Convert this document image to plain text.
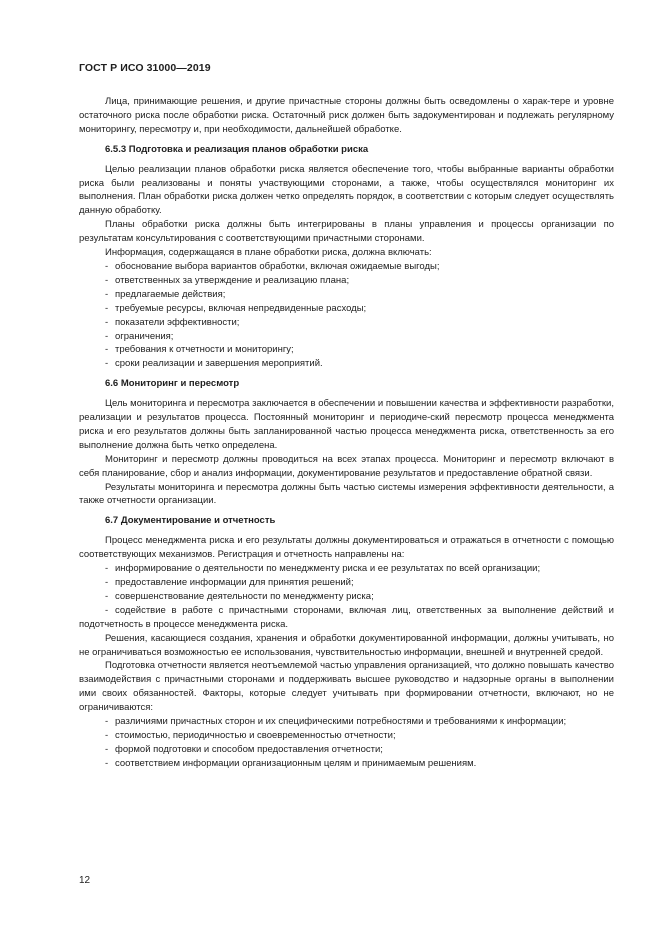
ГОСТ Р ИСО 31000—2019

Лица, принимающие решения, и другие причастные стороны должны быть осведомлены о харак-тере и уровне остаточного риска после обработки риска. Остаточный риск должен быть задокументирован и подлежать регулярному мониторингу, пересмотру и, при необходимости, дальнейшей обработке.

6.5.3 Подготовка и реализация планов обработки риска

Целью реализации планов обработки риска является обеспечение того, чтобы выбранные варианты обработки риска были реализованы и поняты участвующими сторонами, а также, чтобы осуществлялся мониторинг их выполнения. План обработки риска должен четко определять порядок, в соответствии с которым следует осуществлять данную обработку.

Планы обработки риска должны быть интегрированы в планы управления и процессы организации по результатам консультирования с соответствующими причастными сторонами.

Информация, содержащаяся в плане обработки риска, должна включать:

- обоснование выбора вариантов обработки, включая ожидаемые выгоды;
- ответственных за утверждение и реализацию плана;
- предлагаемые действия;
- требуемые ресурсы, включая непредвиденные расходы;
- показатели эффективности;
- ограничения;
- требования к отчетности и мониторингу;
- сроки реализации и завершения мероприятий.
6.6 Мониторинг и пересмотр

Цель мониторинга и пересмотра заключается в обеспечении и повышении качества и эффективности разработки, реализации и результатов процесса. Постоянный мониторинг и периодиче-ский пересмотр процесса менеджмента риска и его результатов должны быть запланированной частью процесса менеджмента риска, ответственность за его выполнение должна быть четко определена.

Мониторинг и пересмотр должны проводиться на всех этапах процесса. Мониторинг и пересмотр включают в себя планирование, сбор и анализ информации, документирование результатов и предоставление обратной связи.

Результаты мониторинга и пересмотра должны быть частью системы измерения эффективности деятельности, а также отчетности организации.

6.7 Документирование и отчетность

Процесс менеджмента риска и его результаты должны документироваться и отражаться в отчетности с помощью соответствующих механизмов. Регистрация и отчетность направлены на:

- информирование о деятельности по менеджменту риска и ее результатах по всей организации;
- предоставление информации для принятия решений;
- совершенствование деятельности по менеджменту риска;
- содействие в работе с причастными сторонами, включая лиц, ответственных за выполнение действий и подотчетность в процессе менеджмента риска.

Решения, касающиеся создания, хранения и обработки документированной информации, должны учитывать, но не ограничиваться возможностью ее использования, чувствительностью информации, внешней и внутренней средой.

Подготовка отчетности является неотъемлемой частью управления организацией, что должно повышать качество взаимодействия с причастными сторонами и поддерживать высшее руководство и надзорные органы в выполнении ими своих обязанностей. Факторы, которые следует учитывать при формировании отчетности, включают, но не ограничиваются:

- различиями причастных сторон и их специфическими потребностями и требованиями к информации;
- стоимостью, периодичностью и своевременностью отчетности;
- формой подготовки и способом предоставления отчетности;
- соответствием информации организационным целям и принимаемым решениям.
12
